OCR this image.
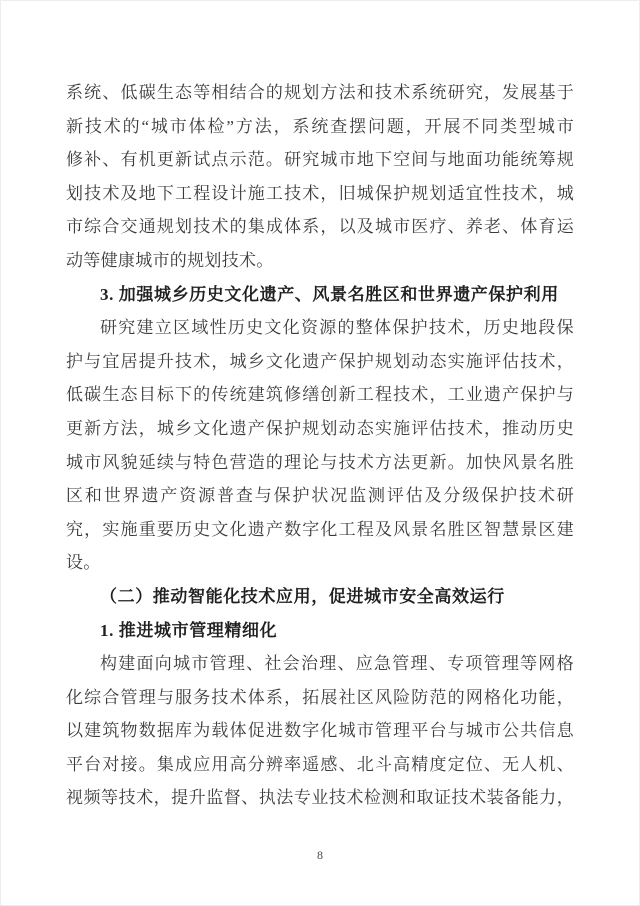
系统、低碳生态等相结合的规划方法和技术系统研究，发展基于
新技术的“城市体检”方法，系统查摆问题，开展不同类型城市
修补、有机更新试点示范。研究城市地下空间与地面功能统筹规
划技术及地下工程设计施工技术，旧城保护规划适宜性技术，城
市综合交通规划技术的集成体系，以及城市医疗、养老、体育运
动等健康城市的规划技术。
3. 加强城乡历史文化遗产、风景名胜区和世界遗产保护利用
研究建立区域性历史文化资源的整体保护技术，历史地段保
护与宜居提升技术，城乡文化遗产保护规划动态实施评估技术，
低碳生态目标下的传统建筑修缮创新工程技术，工业遗产保护与
更新方法，城乡文化遗产保护规划动态实施评估技术，推动历史
城市风貌延续与特色营造的理论与技术方法更新。加快风景名胜
区和世界遗产资源普查与保护状况监测评估及分级保护技术研
究，实施重要历史文化遗产数字化工程及风景名胜区智慧景区建
设。
（二）推动智能化技术应用，促进城市安全高效运行
1. 推进城市管理精细化
构建面向城市管理、社会治理、应急管理、专项管理等网格
化综合管理与服务技术体系，拓展社区风险防范的网格化功能，
以建筑物数据库为载体促进数字化城市管理平台与城市公共信息
平台对接。集成应用高分辨率遥感、北斗高精度定位、无人机、
视频等技术，提升监督、执法专业技术检测和取证技术装备能力，
8
